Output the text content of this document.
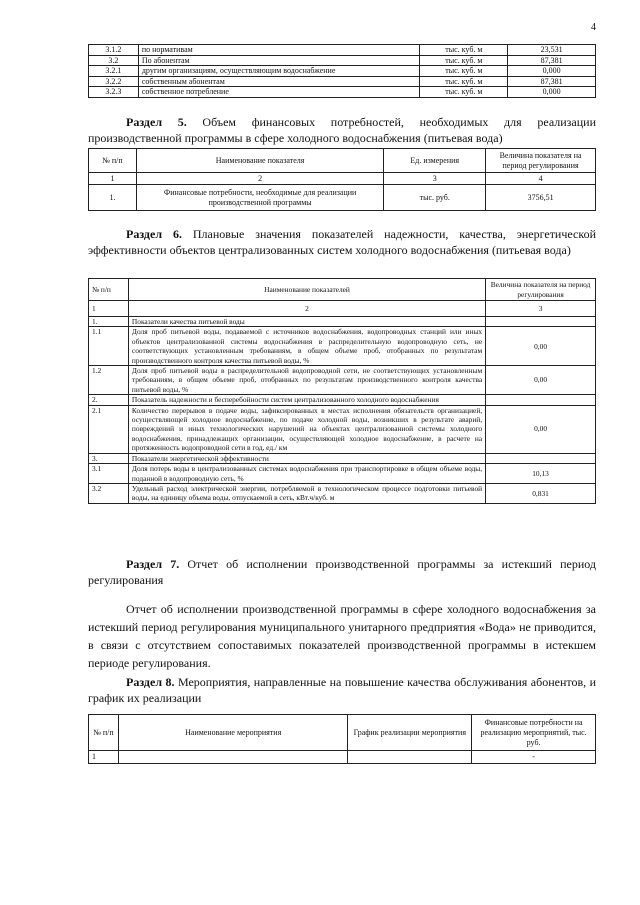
4
3.1.2	по нормативам	тыс. куб. м	23,531
3.2	По абонентам	тыс. куб. м	87,381
3.2.1	другим организациям, осуществляющим водоснабжение	тыс. куб. м	0,000
3.2.2	собственным абонентам	тыс. куб. м	87,381
3.2.3	собственное потребление	тыс. куб. м	0,000
Раздел 5. Объем финансовых потребностей, необходимых для реализации производственной программы в сфере холодного водоснабжения (питьевая вода)
№ п/п	Наименование показателя	Ед. измерения	Величина показателя на период регулирования
1	2	3	4
1.	Финансовые потребности, необходимые для реализации производственной программы	тыс. руб.	3756,51
Раздел 6. Плановые значения показателей надежности, качества, энергетической эффективности объектов централизованных систем холодного водоснабжения (питьевая вода)
№ п/п	Наименование показателей	Величина показателя на период регулирования
1	2	3
1.	Показатели качества питьевой воды	
1.1	Доля проб питьевой воды, подаваемой с источников водоснабжения, водопроводных станций или иных объектов централизованной системы водоснабжения в распределительную водопроводную сеть, не соответствующих установленным требованиям, в общем объеме проб, отобранных по результатам производственного контроля качества питьевой воды, %	0,00
1.2	Доля проб питьевой воды в распределительной водопроводной сети, не соответствующих установленным требованиям, в общем объеме проб, отобранных по результатам производственного контроля качества питьевой воды, %	0,00
2.	Показатель надежности и бесперебойности систем централизованного холодного водоснабжения	
2.1	Количество перерывов в подаче воды, зафиксированных в местах исполнения обязательств организацией, осуществляющей холодное водоснабжение, по подаче холодной воды, возникших в результате аварий, повреждений и иных технологических нарушений на объектах централизованной системы холодного водоснабжения, принадлежащих организации, осуществляющей холодное водоснабжение, в расчете на протяженность водопроводной сети в год, ед./ км	0,00
3.	Показатели энергетической эффективности	
3.1	Доля потерь воды в централизованных системах водоснабжения при транспортировке в общем объеме воды, поданной в водопроводную сеть, %	10,13
3.2	Удельный расход электрической энергии, потребляемой в технологическом процессе подготовки питьевой воды, на единицу объема воды, отпускаемой в сеть, кВт.ч/куб. м	0,831
Раздел 7. Отчет об исполнении производственной программы за истекший период регулирования
Отчет об исполнении производственной программы в сфере холодного водоснабжения за истекший период регулирования муниципального унитарного предприятия «Вода» не приводится, в связи с отсутствием сопоставимых показателей производственной программы в истекшем периоде регулирования.
Раздел 8. Мероприятия, направленные на повышение качества обслуживания абонентов, и график их реализации
№ п/п	Наименование мероприятия	График реализации мероприятия	Финансовые потребности на реализацию мероприятий, тыс. руб.
1			-
